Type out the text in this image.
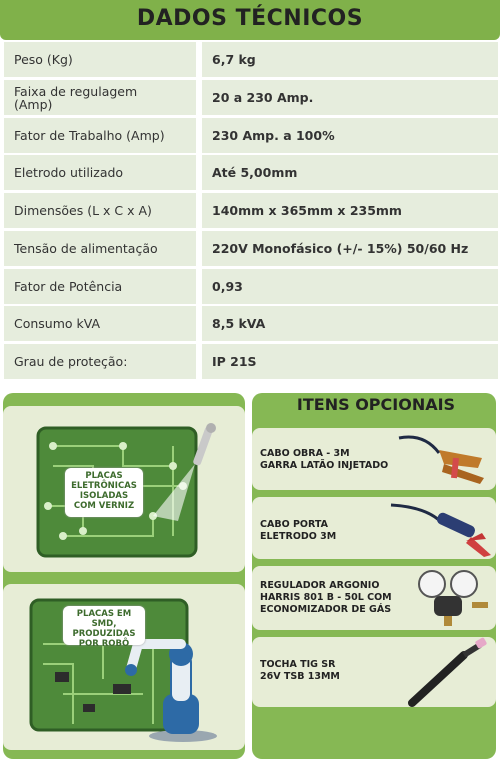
DADOS TÉCNICOS
Peso (Kg)	6,7 kg
Faixa de regulagem
(Amp)	20 a 230 Amp.
Fator de Trabalho (Amp)	230 Amp. a 100%
Eletrodo utilizado	Até 5,00mm
Dimensões (L x C x A)	140mm x 365mm x 235mm
Tensão de alimentação	220V Monofásico (+/- 15%) 50/60 Hz
Fator de Potência	0,93
Consumo kVA	8,5 kVA
Grau de proteção:	IP 21S
PLACAS
ELETRÔNICAS
ISOLADAS
COM VERNIZ
PLACAS EM SMD,
PRODUZIDAS
POR ROBÔ
ITENS OPCIONAIS
CABO OBRA - 3M
GARRA LATÃO INJETADO
CABO PORTA
ELETRODO 3M
REGULADOR ARGONIO
HARRIS 801 B - 50L COM
ECONOMIZADOR DE GÁS
TOCHA TIG SR
26V TSB 13MM
